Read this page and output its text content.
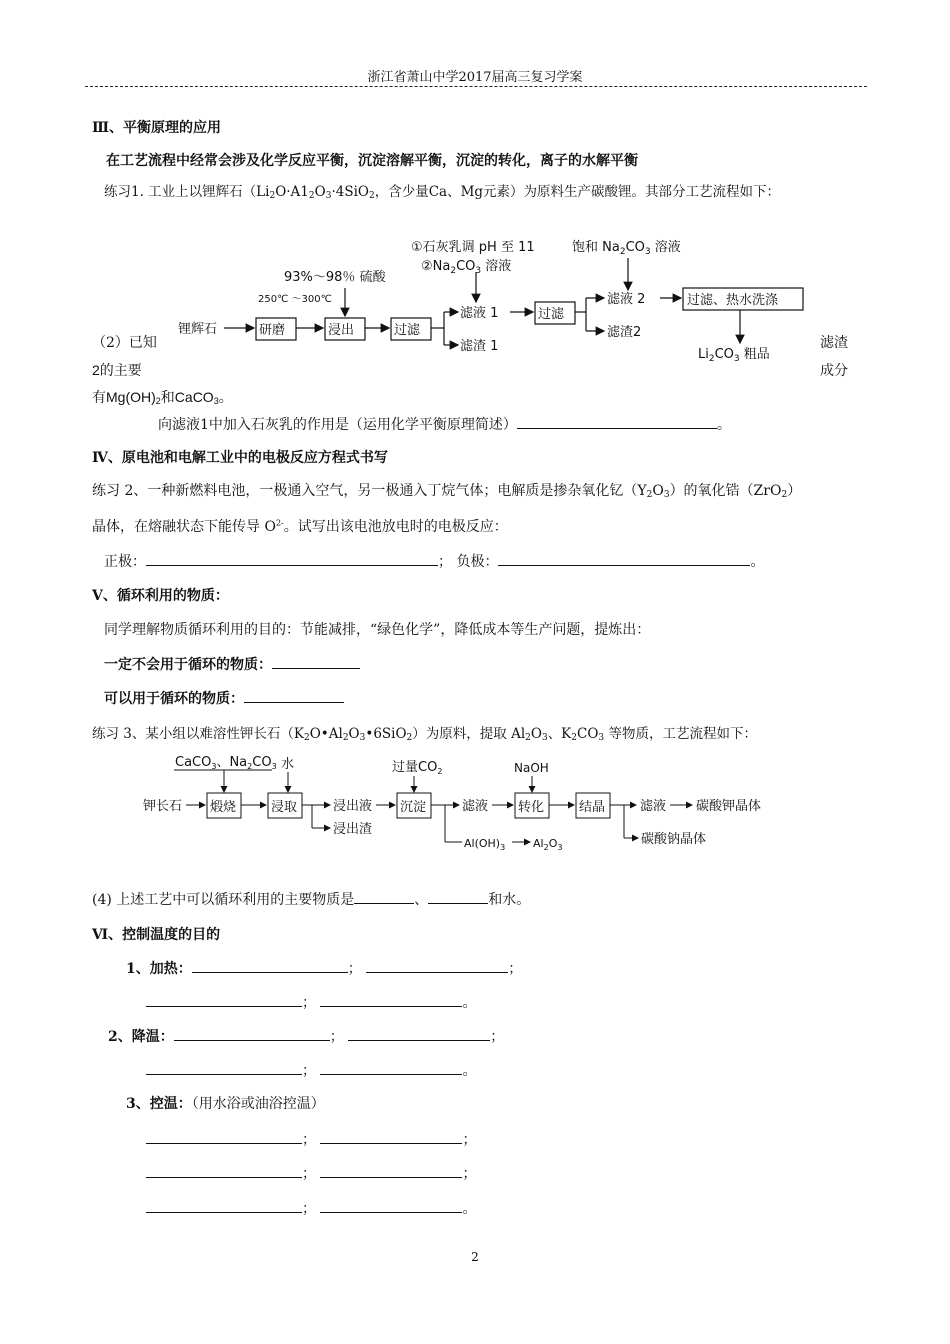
浙江省萧山中学2017届高三复习学案
Ⅲ、平衡原理的应用
在工艺流程中经常会涉及化学反应平衡，沉淀溶解平衡，沉淀的转化，离子的水解平衡
练习1. 工业上以锂辉石（$Li_2O\cdot A1_2O_3\cdot 4SiO_2$，含少量Ca、Mg元素）为原料生产碳酸锂。其部分工艺流程如下：
锂辉石	研磨	浸出	过滤
93%～98％ 硫酸
250℃ ～300℃
①石灰乳调 pH 至 11
$②Na_2CO_3$ 溶液
滤液 1
滤渣 1
过滤
饱和 $Na_2CO_3$ 溶液
滤液 2
滤渣2
过滤、热水洗涤
$Li_2CO_3$ 粗品
（2）已知
2的主要
滤渣
成分
有$Mg(OH)_2$和CaCO$_3$。
向滤液1中加入石灰乳的作用是（运用化学平衡原理简述）	。
Ⅳ、原电池和电解工业中的电极反应方程式书写
练习 2、一种新燃料电池，一极通入空气，另一极通入丁烷气体；电解质是掺杂氧化钇$(Y_2O_3)$的氧化锆（ZrO$_2$）
晶体，在熔融状态下能传导 $O^{2-}$。试写出该电池放电时的电极反应：
正极：	； 负极：	。
Ⅴ、循环利用的物质：
同学理解物质循环利用的目的：节能减排，“绿色化学”，降低成本等生产问题，提炼出：
一定不会用于循环的物质：
可以用于循环的物质：
练习 3、某小组以难溶性钾长石$(K_2O•Al_2O_3•6SiO_2)$为原料，提取 $Al_2O_3$、$K_2CO_3$ 等物质，工艺流程如下：
CaCO$_3$、$Na_2CO_3$ 水
钾长石 煅烧	浸取	浸出液
浸出渣
过量$CO_2$
沉淀	滤液
$Al(OH)_3$	$Al_2O_3$
NaOH
转化	结晶	滤液 碳酸钾晶体
碳酸钠晶体
(4) 上述工艺中可以循环利用的主要物质是	、	和水。
Ⅵ、控制温度的目的
1、加热：	；	；
；	。
2、降温：	；	；
；	。
3、控温：（用水浴或油浴控温）
；	；
；	；
；	。
2
